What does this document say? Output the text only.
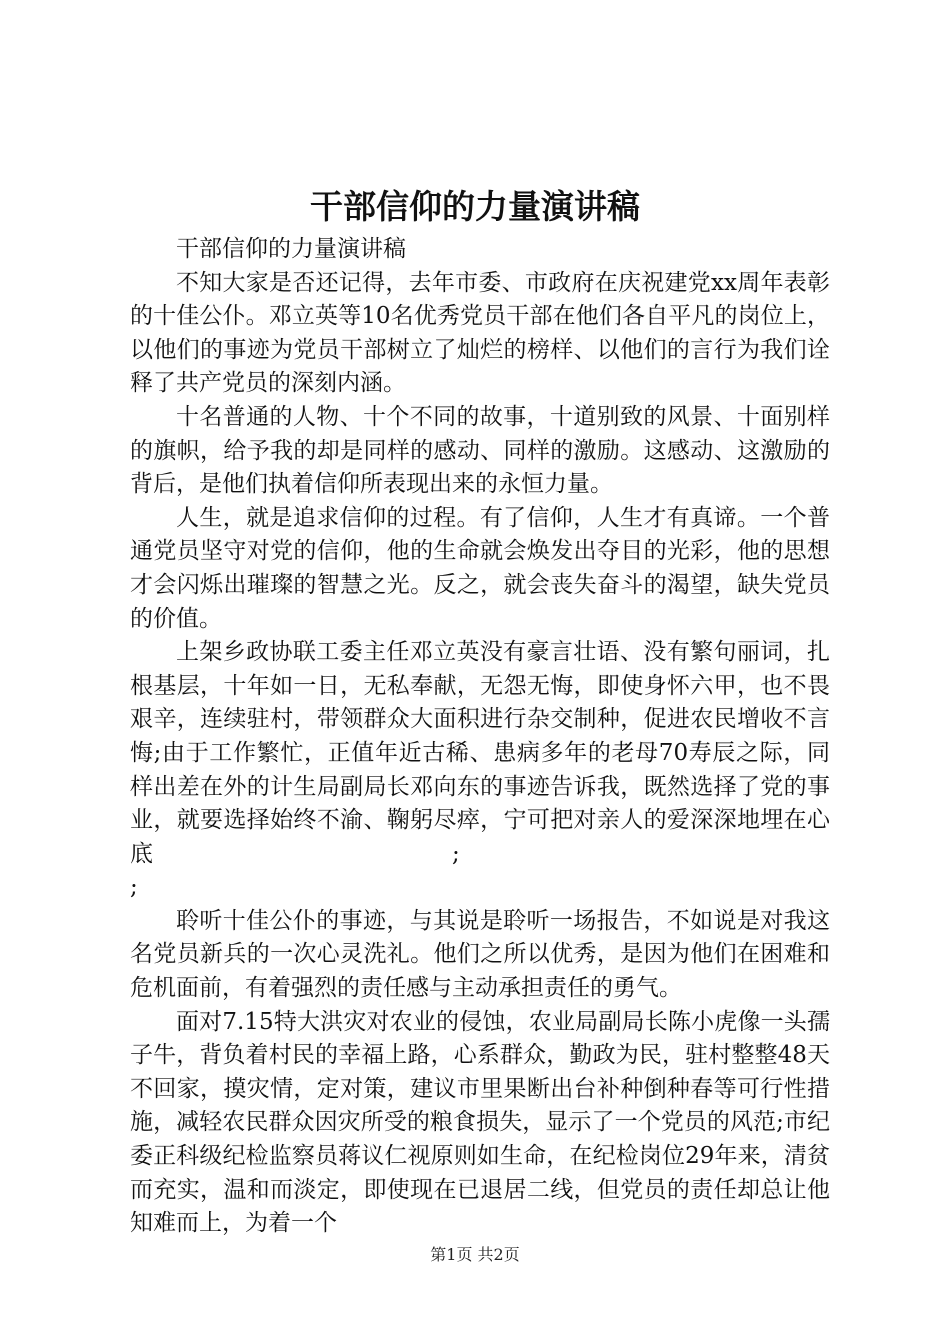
干部信仰的力量演讲稿

干部信仰的力量演讲稿

不知大家是否还记得，去年市委、市政府在庆祝建党xx周年表彰的十佳公仆。邓立英等10名优秀党员干部在他们各自平凡的岗位上，以他们的事迹为党员干部树立了灿烂的榜样、以他们的言行为我们诠释了共产党员的深刻内涵。

十名普通的人物、十个不同的故事，十道别致的风景、十面别样的旗帜，给予我的却是同样的感动、同样的激励。这感动、这激励的背后，是他们执着信仰所表现出来的永恒力量。

人生，就是追求信仰的过程。有了信仰，人生才有真谛。一个普通党员坚守对党的信仰，他的生命就会焕发出夺目的光彩，他的思想才会闪烁出璀璨的智慧之光。反之，就会丧失奋斗的渴望，缺失党员的价值。

上架乡政协联工委主任邓立英没有豪言壮语、没有繁句丽词，扎根基层，十年如一日，无私奉献，无怨无悔，即使身怀六甲，也不畏艰辛，连续驻村，带领群众大面积进行杂交制种，促进农民增收不言悔;由于工作繁忙，正值年近古稀、患病多年的老母70寿辰之际，同样出差在外的计生局副局长邓向东的事迹告诉我，既然选择了党的事业，就要选择始终不渝、鞠躬尽瘁，宁可把对亲人的爱深深地埋在心底　　　　　　　　　　　　　;

;

聆听十佳公仆的事迹，与其说是聆听一场报告，不如说是对我这名党员新兵的一次心灵洗礼。他们之所以优秀，是因为他们在困难和危机面前，有着强烈的责任感与主动承担责任的勇气。

面对7.15特大洪灾对农业的侵蚀，农业局副局长陈小虎像一头孺子牛，背负着村民的幸福上路，心系群众，勤政为民，驻村整整48天不回家，摸灾情，定对策，建议市里果断出台补种倒种春等可行性措施，减轻农民群众因灾所受的粮食损失，显示了一个党员的风范;市纪委正科级纪检监察员蒋议仁视原则如生命，在纪检岗位29年来，清贫而充实，温和而淡定，即使现在已退居二线，但党员的责任却总让他知难而上，为着一个

第1页 共2页
